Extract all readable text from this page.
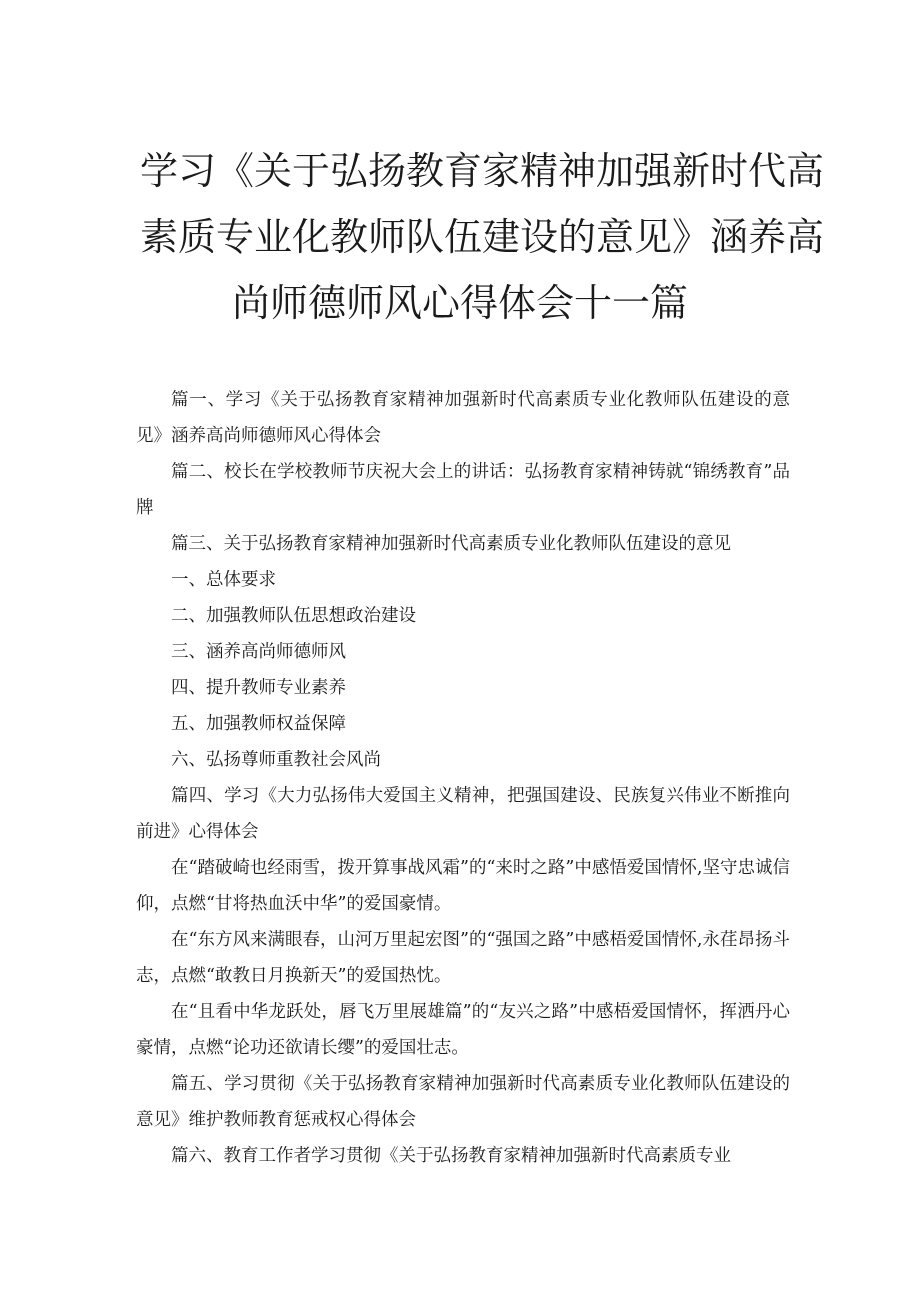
学习《关于弘扬教育家精神加强新时代高
素质专业化教师队伍建设的意见》涵养高
尚师德师风心得体会十一篇

篇一、学习《关于弘扬教育家精神加强新时代高素质专业化教师队伍建设的意见》涵养高尚师德师风心得体会

篇二、校长在学校教师节庆祝大会上的讲话：弘扬教育家精神铸就“锦绣教育”品牌

篇三、关于弘扬教育家精神加强新时代高素质专业化教师队伍建设的意见

一、总体要求

二、加强教师队伍思想政治建设

三、涵养高尚师德师风

四、提升教师专业素养

五、加强教师权益保障

六、弘扬尊师重教社会风尚

篇四、学习《大力弘扬伟大爱国主义精神，把强国建设、民族复兴伟业不断推向前进》心得体会

在“踏破崎也经雨雪，拨开算事战风霜”的“来时之路”中感悟爱国情怀,坚守忠诚信仰，点燃“甘将热血沃中华”的爱国豪情。

在“东方风来满眼春，山河万里起宏图”的“强国之路”中感梧爱国情怀,永荏昂扬斗志，点燃“敢教日月换新天”的爱国热忱。

在“且看中华龙跃处，唇飞万里展雄篇”的“友兴之路”中感梧爱国情怀，挥洒丹心豪情，点燃“论功还欲请长缨”的爱国壮志。

篇五、学习贯彻《关于弘扬教育家精神加强新时代高素质专业化教师队伍建设的意见》维护教师教育惩戒权心得体会

篇六、教育工作者学习贯彻《关于弘扬教育家精神加强新时代高素质专业
